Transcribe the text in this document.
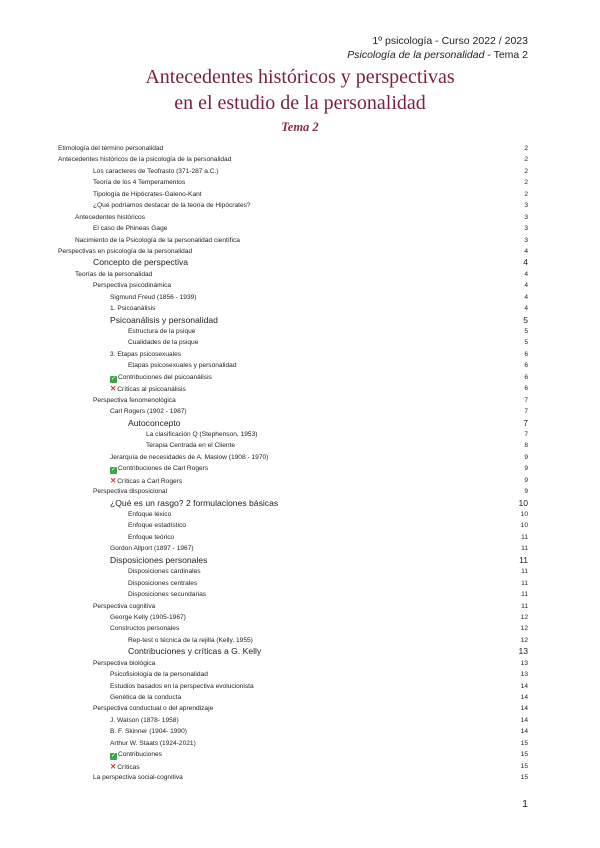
1º psicología - Curso 2022 / 2023
Psicología de la personalidad - Tema 2
Antecedentes históricos y perspectivas
en el estudio de la personalidad
Tema 2
Etimología del término personalidad	2
Antecedentes históricos de la psicología de la personalidad	2
Los caracteres de Teofrasto (371-287 a.C.)	2
Teoría de los 4 Temperamentos	2
Tipología de Hipócrates-Galeno-Kant	2
¿Qué podríamos destacar de la teoría de Hipócrates?	3
Antecedentes históricos	3
El caso de Phineas Gage	3
Nacimiento de la Psicología de la personalidad científica	3
Perspectivas en psicología de la personalidad	4
Concepto de perspectiva	4
Teorías de la personalidad	4
Perspectiva psicodinámica	4
Sigmund Freud (1856 - 1939)	4
1. Psicoanálisis	4
Psicoanálisis y personalidad	5
Estructura de la psique	5
Cualidades de la psique	5
3. Etapas psicosexuales	6
Etapas psicosexuales y personalidad	6
✓ Contribuciones del psicoanálisis	6
✕Críticas al psicoanálisis	6
Perspectiva fenomenológica	7
Carl Rogers (1902 - 1987)	7
Autoconcepto	7
La clasificación Q (Stephenson, 1953)	7
Terapia Centrada en el Cliente	8
Jerarquía de necesidades de A. Maslow (1908 - 1970)	9
✓ Contribuciones de Carl Rogers	9
✕Críticas a Carl Rogers	9
Perspectiva disposicional	9
¿Qué es un rasgo? 2 formulaciones básicas	10
Enfoque léxico	10
Enfoque estadístico	10
Enfoque teórico	11
Gordon Allport (1897 - 1967)	11
Disposiciones personales	11
Disposiciones cardinales	11
Disposiciones centrales	11
Disposiciones secundarias	11
Perspectiva cognitiva	11
George Kelly (1905-1967)	12
Constructos personales	12
Rep-test o técnica de la rejilla (Kelly, 1955)	12
Contribuciones y críticas a G. Kelly	13
Perspectiva biológica	13
Psicofisiología de la personalidad	13
Estudios basados en la perspectiva evolucionista	14
Genética de la conducta	14
Perspectiva conductual o del aprendizaje	14
J. Watson (1878- 1958)	14
B. F. Skinner (1904- 1990)	14
Arthur W. Staats (1924-2021)	15
✓ Contribuciones	15
✕Críticas	15
La perspectiva social-cognitiva	15
1
